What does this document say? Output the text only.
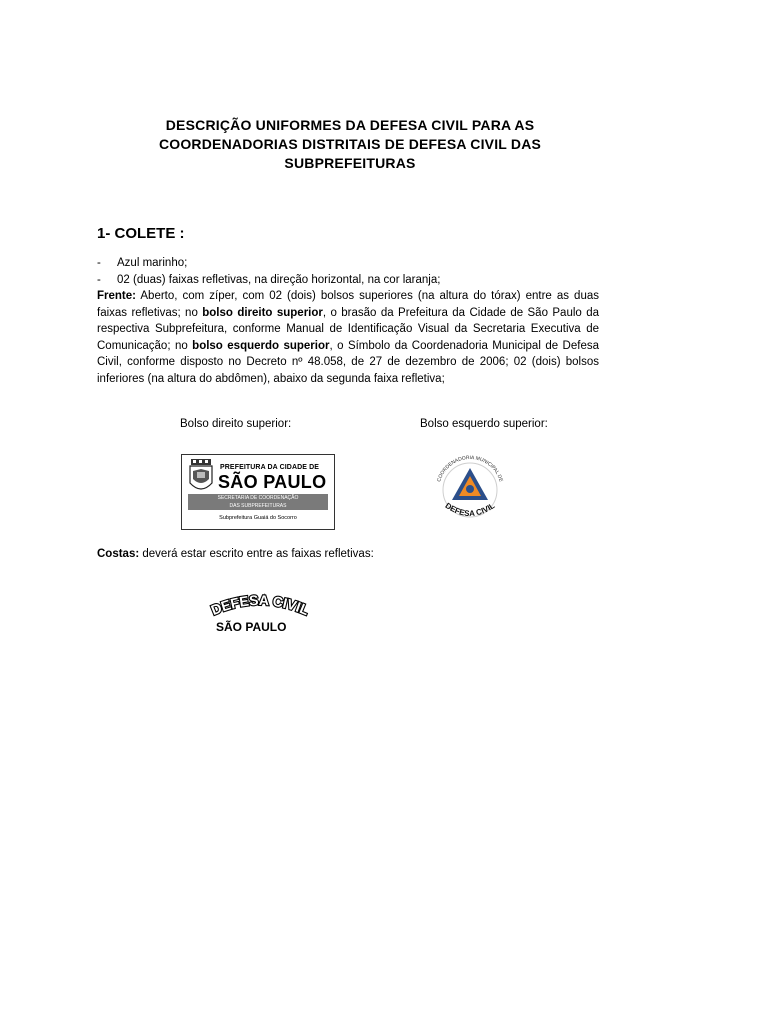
DESCRIÇÃO UNIFORMES DA DEFESA CIVIL PARA AS
COORDENADORIAS DISTRITAIS DE DEFESA CIVIL DAS
SUBPREFEITURAS
1- COLETE :
-	Azul marinho;
-	02 (duas) faixas refletivas, na direção horizontal, na cor laranja;
Frente: Aberto, com zíper, com 02 (dois) bolsos superiores (na altura do tórax) entre as duas faixas refletivas; no bolso direito superior, o brasão da Prefeitura da Cidade de São Paulo da respectiva Subprefeitura, conforme Manual de Identificação Visual da Secretaria Executiva de Comunicação; no bolso esquerdo superior, o Símbolo da Coordenadoria Municipal de Defesa Civil, conforme disposto no Decreto nº 48.058, de 27 de dezembro de 2006; 02 (dois) bolsos inferiores (na altura do abdômen), abaixo da segunda faixa refletiva;
Bolso direito superior:	Bolso esquerdo superior:
PREFEITURA DA CIDADE DE
SÃO PAULO
SECRETARIA DE COORDENAÇÃO
DAS SUBPREFEITURAS
Subprefeitura Guaiá do Socorro
COORDENADORIA MUNICIPAL DE
DEFESA CIVIL
Costas: deverá estar escrito entre as faixas refletivas:
DEFESA CIVIL
SÃO PAULO
